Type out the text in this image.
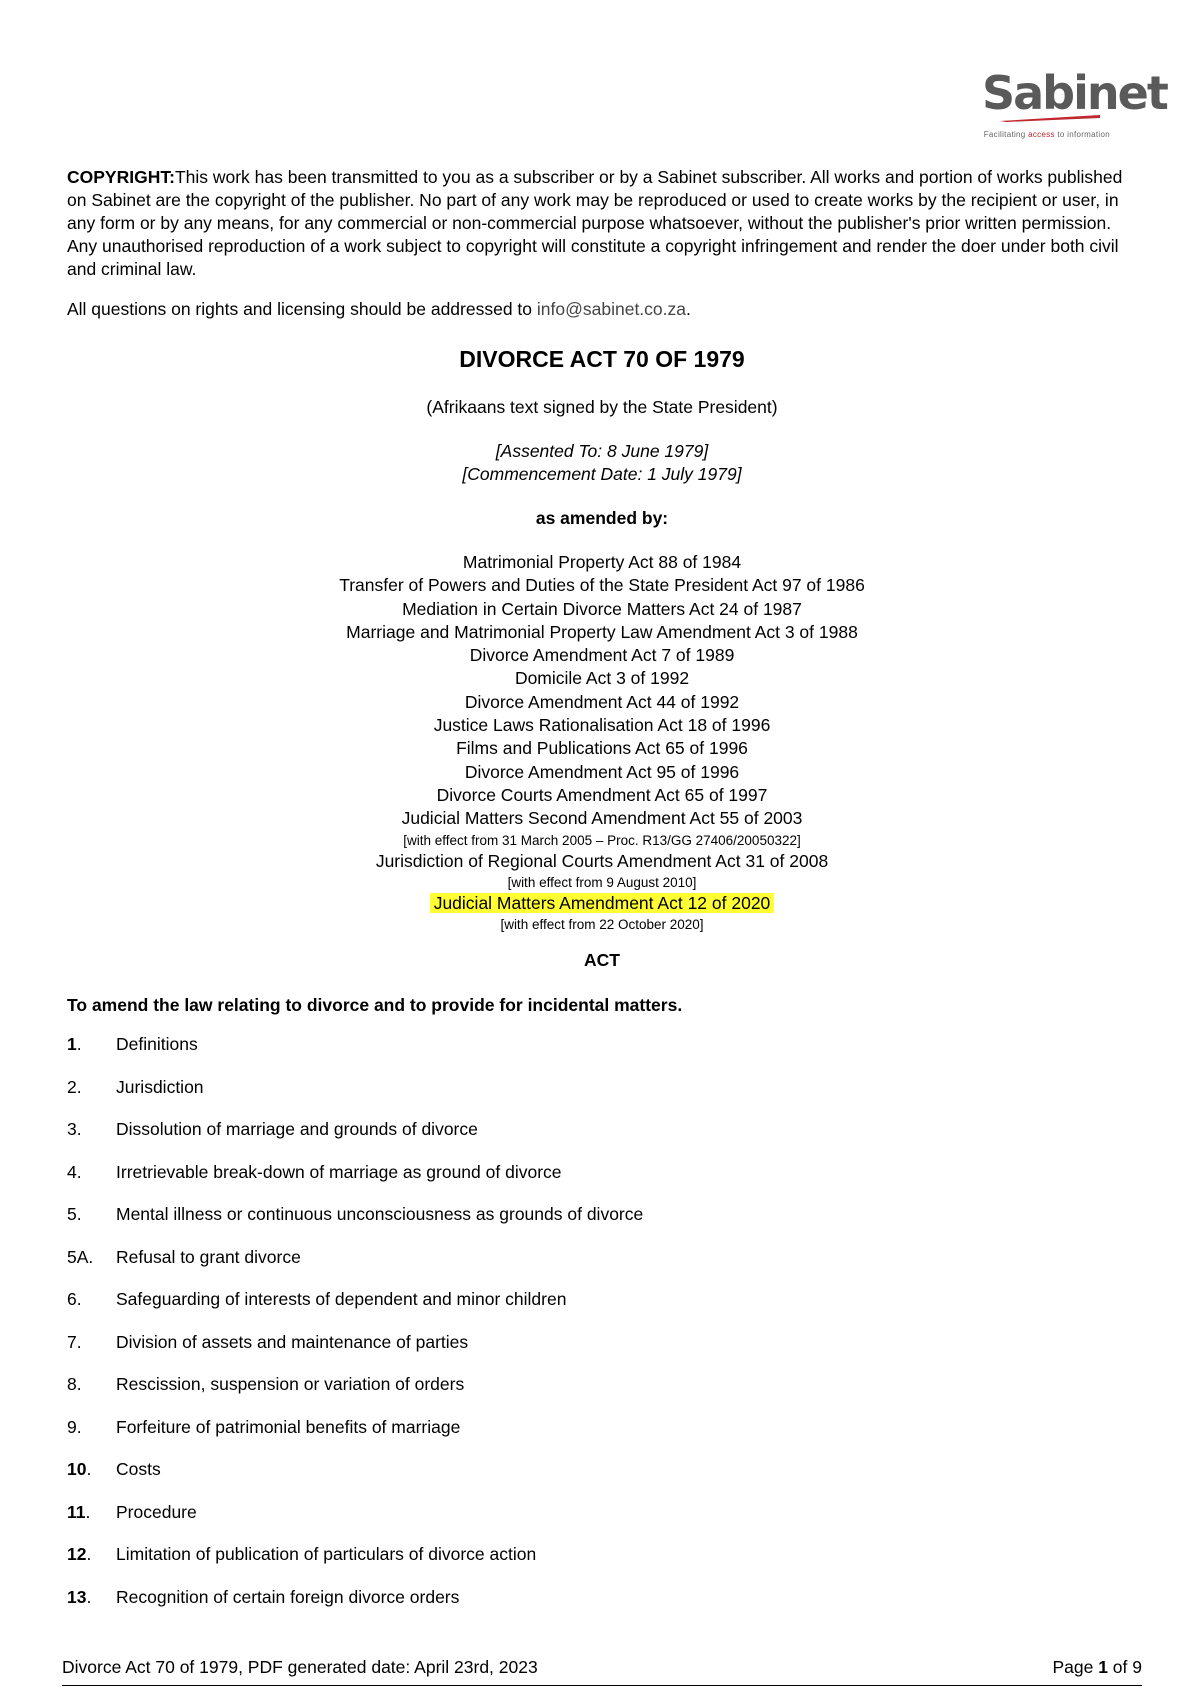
Sabinet
Facilitating access to information

COPYRIGHT:This work has been transmitted to you as a subscriber or by a Sabinet subscriber. All works and portion of works published on Sabinet are the copyright of the publisher. No part of any work may be reproduced or used to create works by the recipient or user, in any form or by any means, for any commercial or non-commercial purpose whatsoever, without the publisher's prior written permission. Any unauthorised reproduction of a work subject to copyright will constitute a copyright infringement and render the doer under both civil and criminal law.

All questions on rights and licensing should be addressed to info@sabinet.co.za.

DIVORCE ACT 70 OF 1979
(Afrikaans text signed by the State President)
[Assented To: 8 June 1979]
[Commencement Date: 1 July 1979]
as amended by:
Matrimonial Property Act 88 of 1984
Transfer of Powers and Duties of the State President Act 97 of 1986
Mediation in Certain Divorce Matters Act 24 of 1987
Marriage and Matrimonial Property Law Amendment Act 3 of 1988
Divorce Amendment Act 7 of 1989
Domicile Act 3 of 1992
Divorce Amendment Act 44 of 1992
Justice Laws Rationalisation Act 18 of 1996
Films and Publications Act 65 of 1996
Divorce Amendment Act 95 of 1996
Divorce Courts Amendment Act 65 of 1997
Judicial Matters Second Amendment Act 55 of 2003
[with effect from 31 March 2005 – Proc. R13/GG 27406/20050322]
Jurisdiction of Regional Courts Amendment Act 31 of 2008
[with effect from 9 August 2010]
Judicial Matters Amendment Act 12 of 2020
[with effect from 22 October 2020]
ACT
To amend the law relating to divorce and to provide for incidental matters.
1.	Definitions
2.	Jurisdiction
3.	Dissolution of marriage and grounds of divorce
4.	Irretrievable break-down of marriage as ground of divorce
5.	Mental illness or continuous unconsciousness as grounds of divorce
5A.	Refusal to grant divorce
6.	Safeguarding of interests of dependent and minor children
7.	Division of assets and maintenance of parties
8.	Rescission, suspension or variation of orders
9.	Forfeiture of patrimonial benefits of marriage
10.	Costs
11.	Procedure
12.	Limitation of publication of particulars of divorce action
13.	Recognition of certain foreign divorce orders
Divorce Act 70 of 1979, PDF generated date: April 23rd, 2023	Page 1 of 9
